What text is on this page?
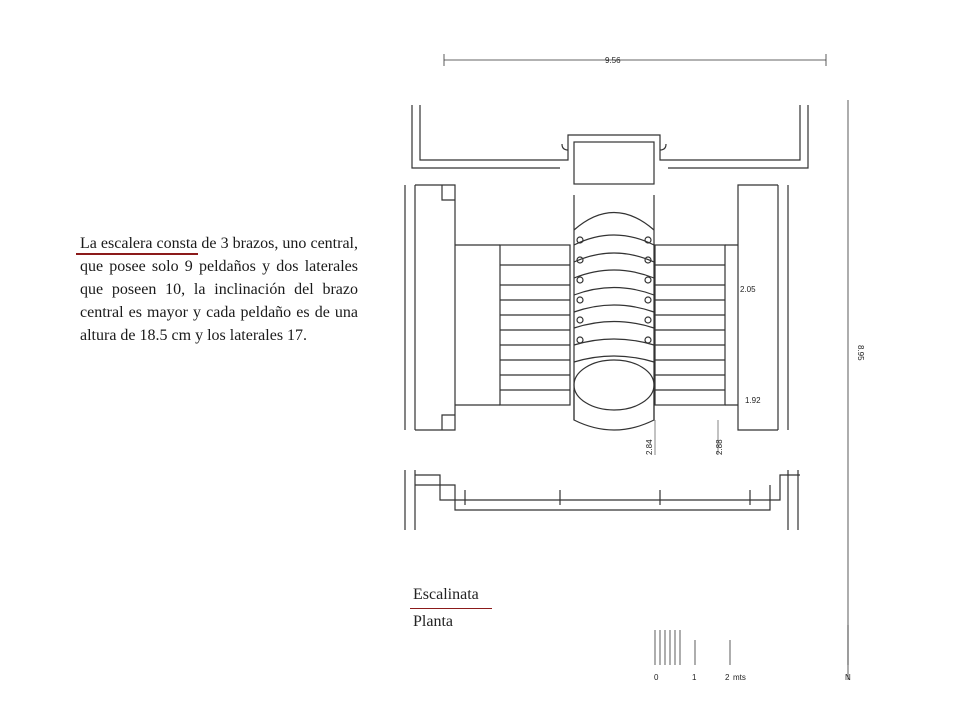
La escalera consta de 3 brazos, uno central, que posee solo 9 peldaños y dos laterales que poseen 10, la inclinación del brazo central es mayor y cada peldaño es de una altura de 18.5 cm y los laterales 17.
9.56
8.95
2.05
1.92
2.84	2.88
0	1	2 mts	N
Escalinata
Planta
